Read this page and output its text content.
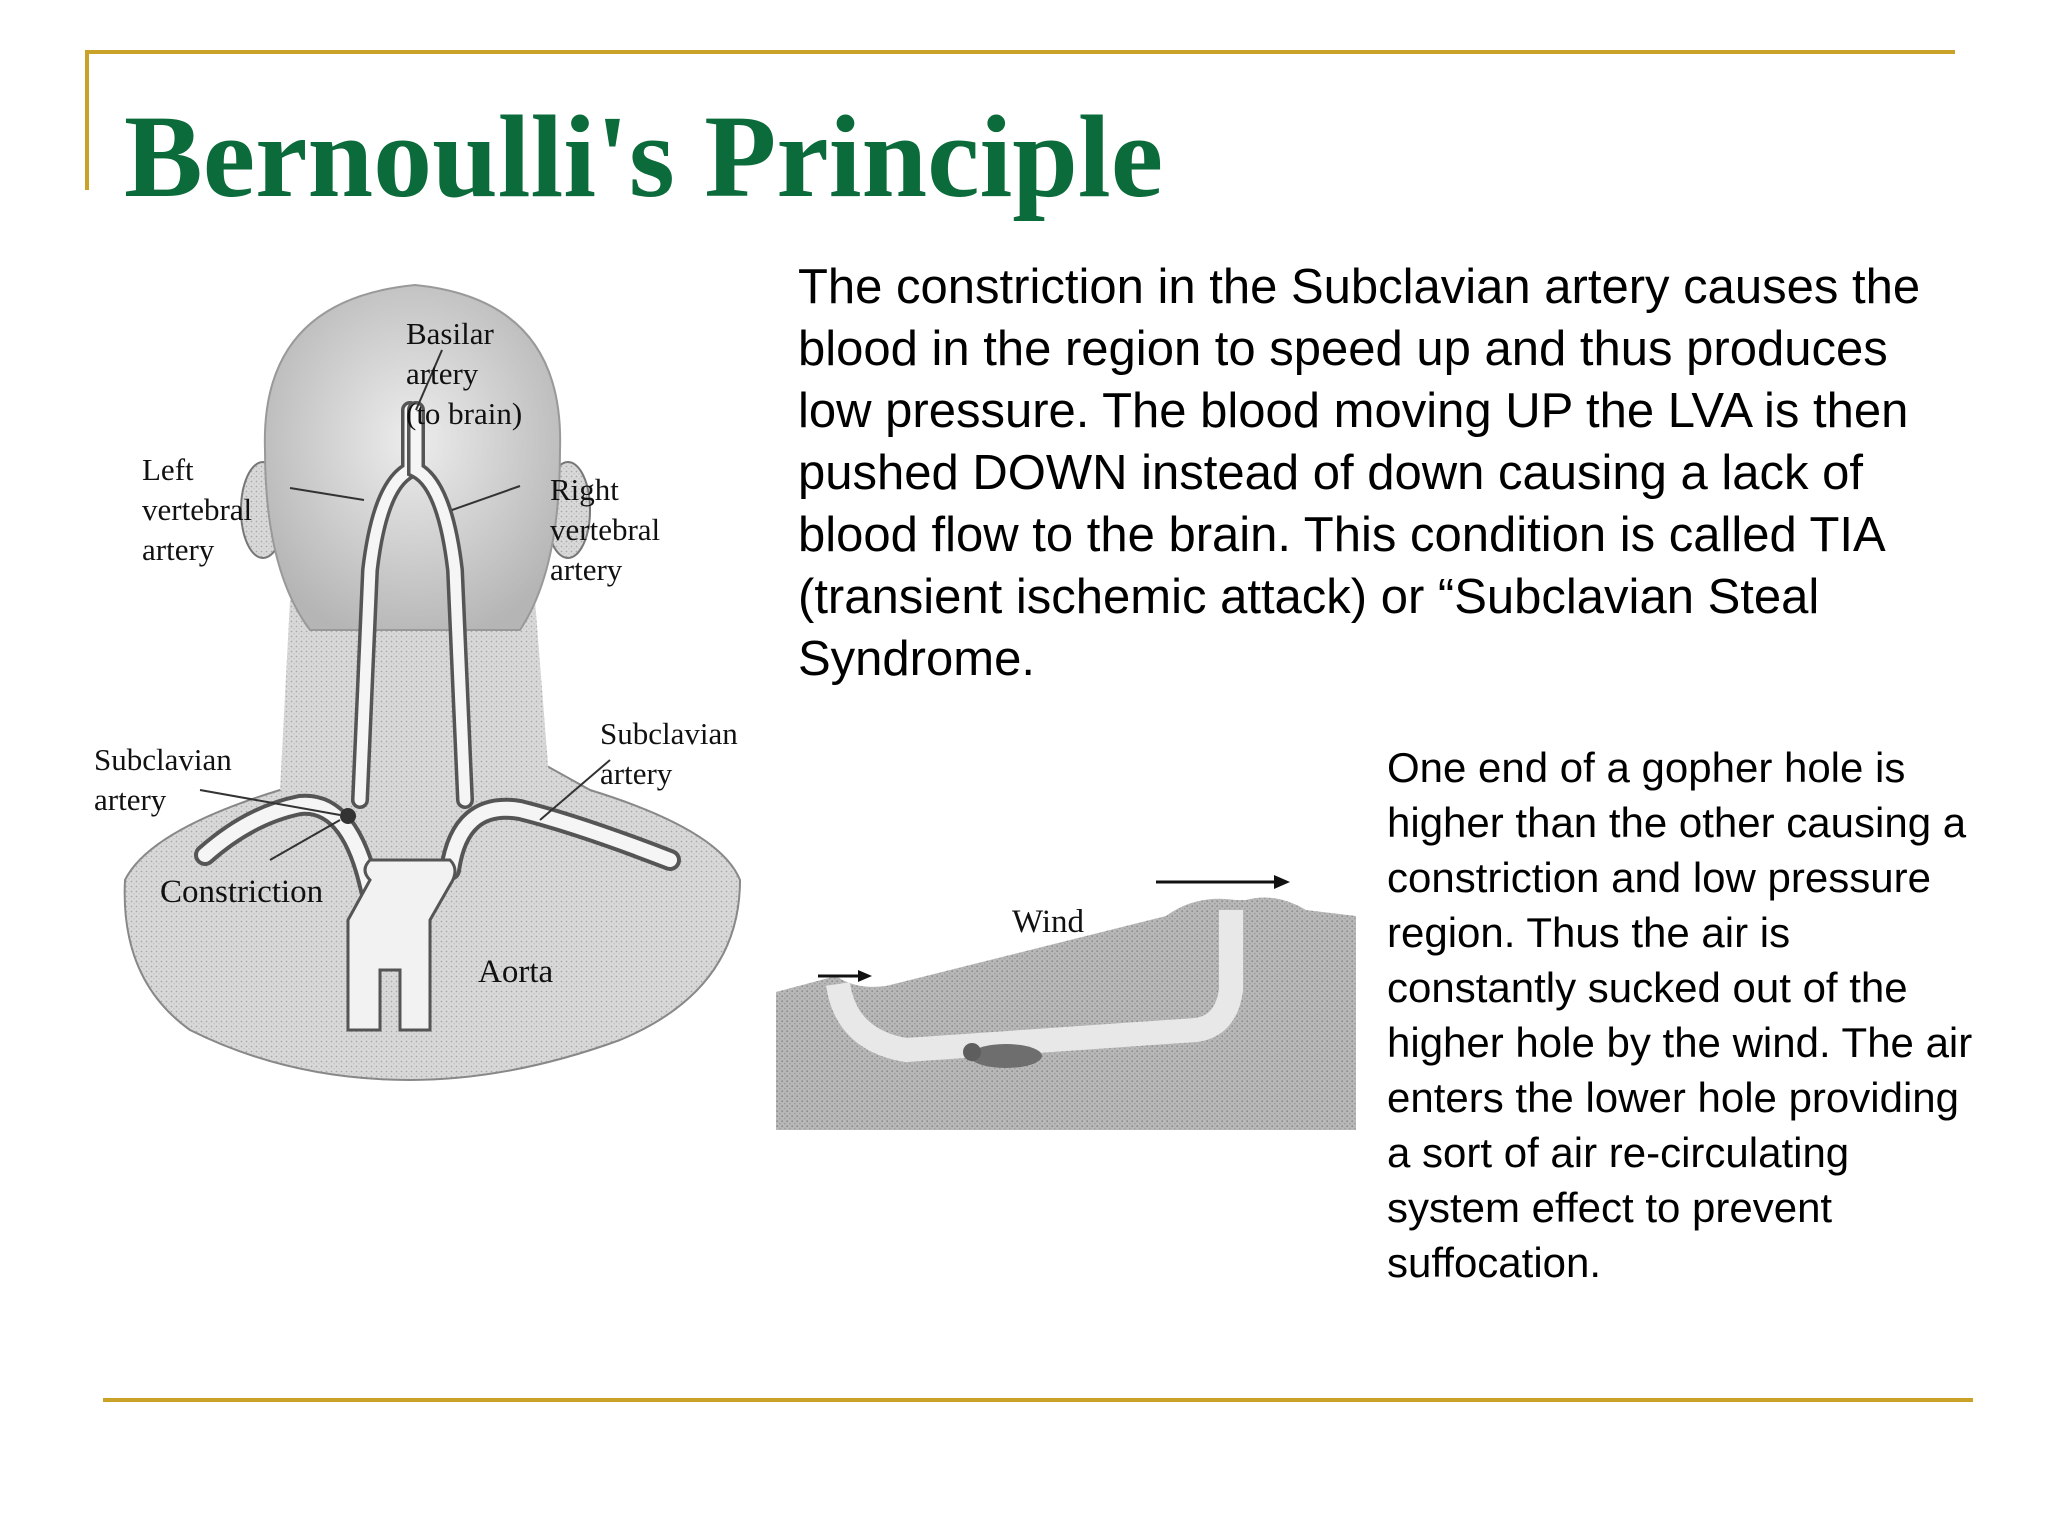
Bernoulli's Principle

The constriction in the Subclavian artery causes the blood in the region to speed up and thus produces low pressure. The blood moving UP the LVA is then pushed DOWN instead of down causing a lack of blood flow to the brain. This condition is called TIA (transient ischemic attack) or “Subclavian Steal Syndrome.

One end of a gopher hole is higher than the other causing a constriction and low pressure region. Thus the air is constantly sucked out of the higher hole by the wind. The air enters the lower hole providing a sort of air re-circulating system effect to prevent suffocation.

Basilar
artery
(to brain)
Left
vertebral
artery
Right
vertebral
artery
Subclavian
artery
Subclavian
artery
Constriction
Aorta
Wind
